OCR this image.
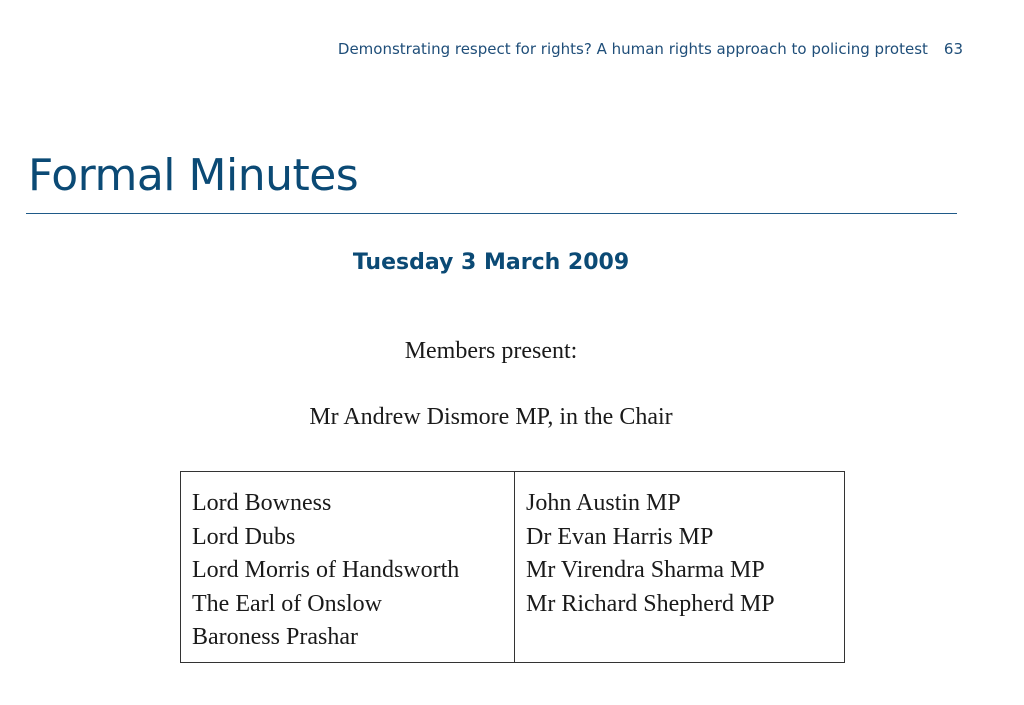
Demonstrating respect for rights? A human rights approach to policing protest 63
Formal Minutes
Tuesday 3 March 2009
Members present:
Mr Andrew Dismore MP, in the Chair
Lord Bowness
Lord Dubs
Lord Morris of Handsworth
The Earl of Onslow
Baroness Prashar
John Austin MP
Dr Evan Harris MP
Mr Virendra Sharma MP
Mr Richard Shepherd MP
